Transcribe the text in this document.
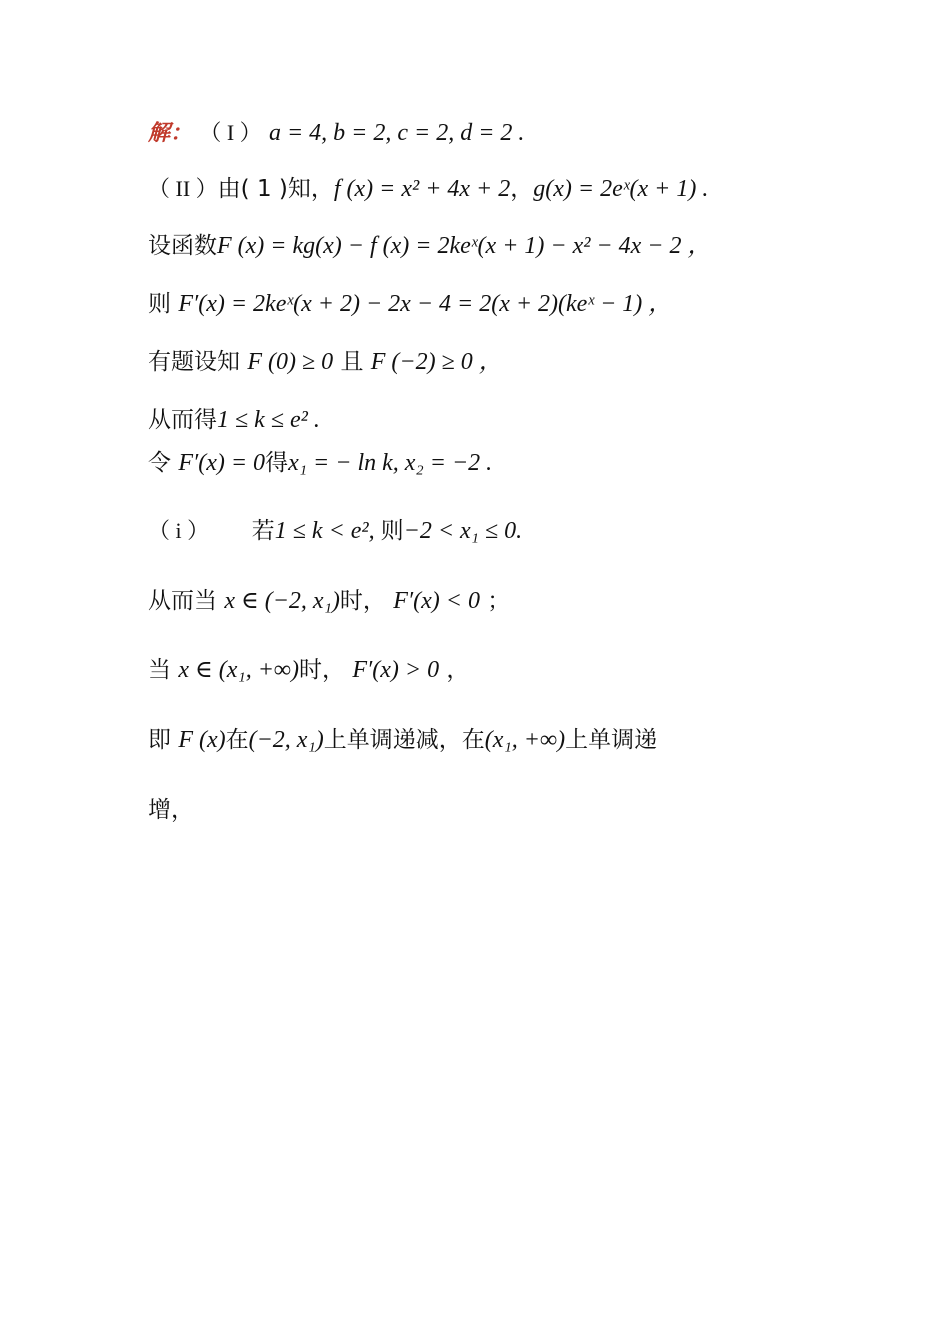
解： （ I ） a = 4, b = 2, c = 2, d = 2 .
（ II ）由( 1 )知，f (x) = x² + 4x + 2，g(x) = 2eˣ(x + 1) .
设函数F (x) = kg(x) − f (x) = 2keˣ(x + 1) − x² − 4x − 2 ，
则 F′(x) = 2keˣ(x + 2) − 2x − 4 = 2(x + 2)(keˣ − 1) ，
有题设知 F (0) ≥ 0 且 F (−2) ≥ 0 ，
从而得1 ≤ k ≤ e² .
令 F′(x) = 0得x₁ = − ln k, x₂ = −2 .
（ i ） 若1 ≤ k < e², 则−2 < x₁ ≤ 0.
从而当 x ∈ (−2, x₁)时， F′(x) < 0 ；
当 x ∈ (x₁, +∞)时， F′(x) > 0 ，
即 F (x)在(−2, x₁)上单调递减，在(x₁, +∞)上单调递
增，
